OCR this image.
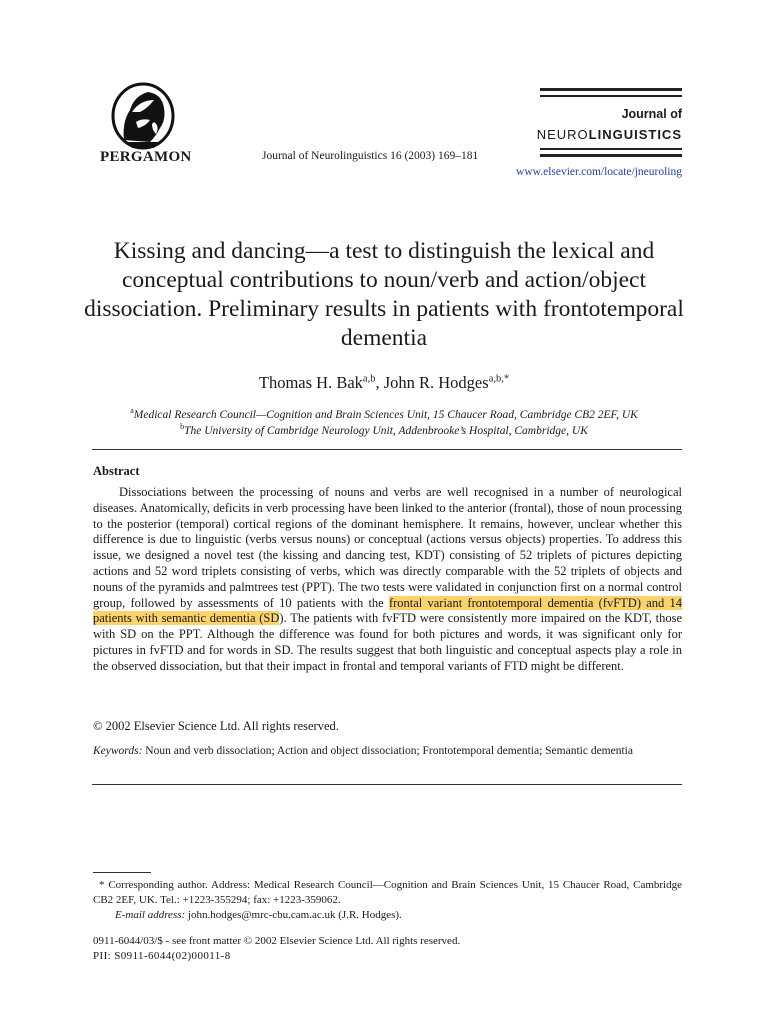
PERGAMON	Journal of Neurolinguistics 16 (2003) 169–181
Journal of
NEUROLINGUISTICS
www.elsevier.com/locate/jneuroling
Kissing and dancing—a test to distinguish the lexical and conceptual contributions to noun/verb and action/object dissociation. Preliminary results in patients with frontotemporal dementia
Thomas H. Bak$^{a,b}$, John R. Hodges$^{a,b,*}$
$^a$Medical Research Council—Cognition and Brain Sciences Unit, 15 Chaucer Road, Cambridge CB2 2EF, UK
$^b$The University of Cambridge Neurology Unit, Addenbrooke’s Hospital, Cambridge, UK
Abstract
Dissociations between the processing of nouns and verbs are well recognised in a number of neurological diseases. Anatomically, deficits in verb processing have been linked to the anterior (frontal), those of noun processing to the posterior (temporal) cortical regions of the dominant hemisphere. It remains, however, unclear whether this difference is due to linguistic (verbs versus nouns) or conceptual (actions versus objects) properties. To address this issue, we designed a novel test (the kissing and dancing test, KDT) consisting of 52 triplets of pictures depicting actions and 52 word triplets consisting of verbs, which was directly comparable with the 52 triplets of objects and nouns of the pyramids and palmtrees test (PPT). The two tests were validated in conjunction first on a normal control group, followed by assessments of 10 patients with the frontal variant frontotemporal dementia (fvFTD) and 14 patients with semantic dementia (SD). The patients with fvFTD were consistently more impaired on the KDT, those with SD on the PPT. Although the difference was found for both pictures and words, it was significant only for pictures in fvFTD and for words in SD. The results suggest that both linguistic and conceptual aspects play a role in the observed dissociation, but that their impact in frontal and temporal variants of FTD might be different.
© 2002 Elsevier Science Ltd. All rights reserved.
Keywords: Noun and verb dissociation; Action and object dissociation; Frontotemporal dementia; Semantic dementia
* Corresponding author. Address: Medical Research Council—Cognition and Brain Sciences Unit, 15 Chaucer Road, Cambridge CB2 2EF, UK. Tel.: +1223-355294; fax: +1223-359062.
E-mail address: john.hodges@mrc-cbu.cam.ac.uk (J.R. Hodges).
0911-6044/03/$ - see front matter © 2002 Elsevier Science Ltd. All rights reserved.
PII: S0911-6044(02)00011-8
